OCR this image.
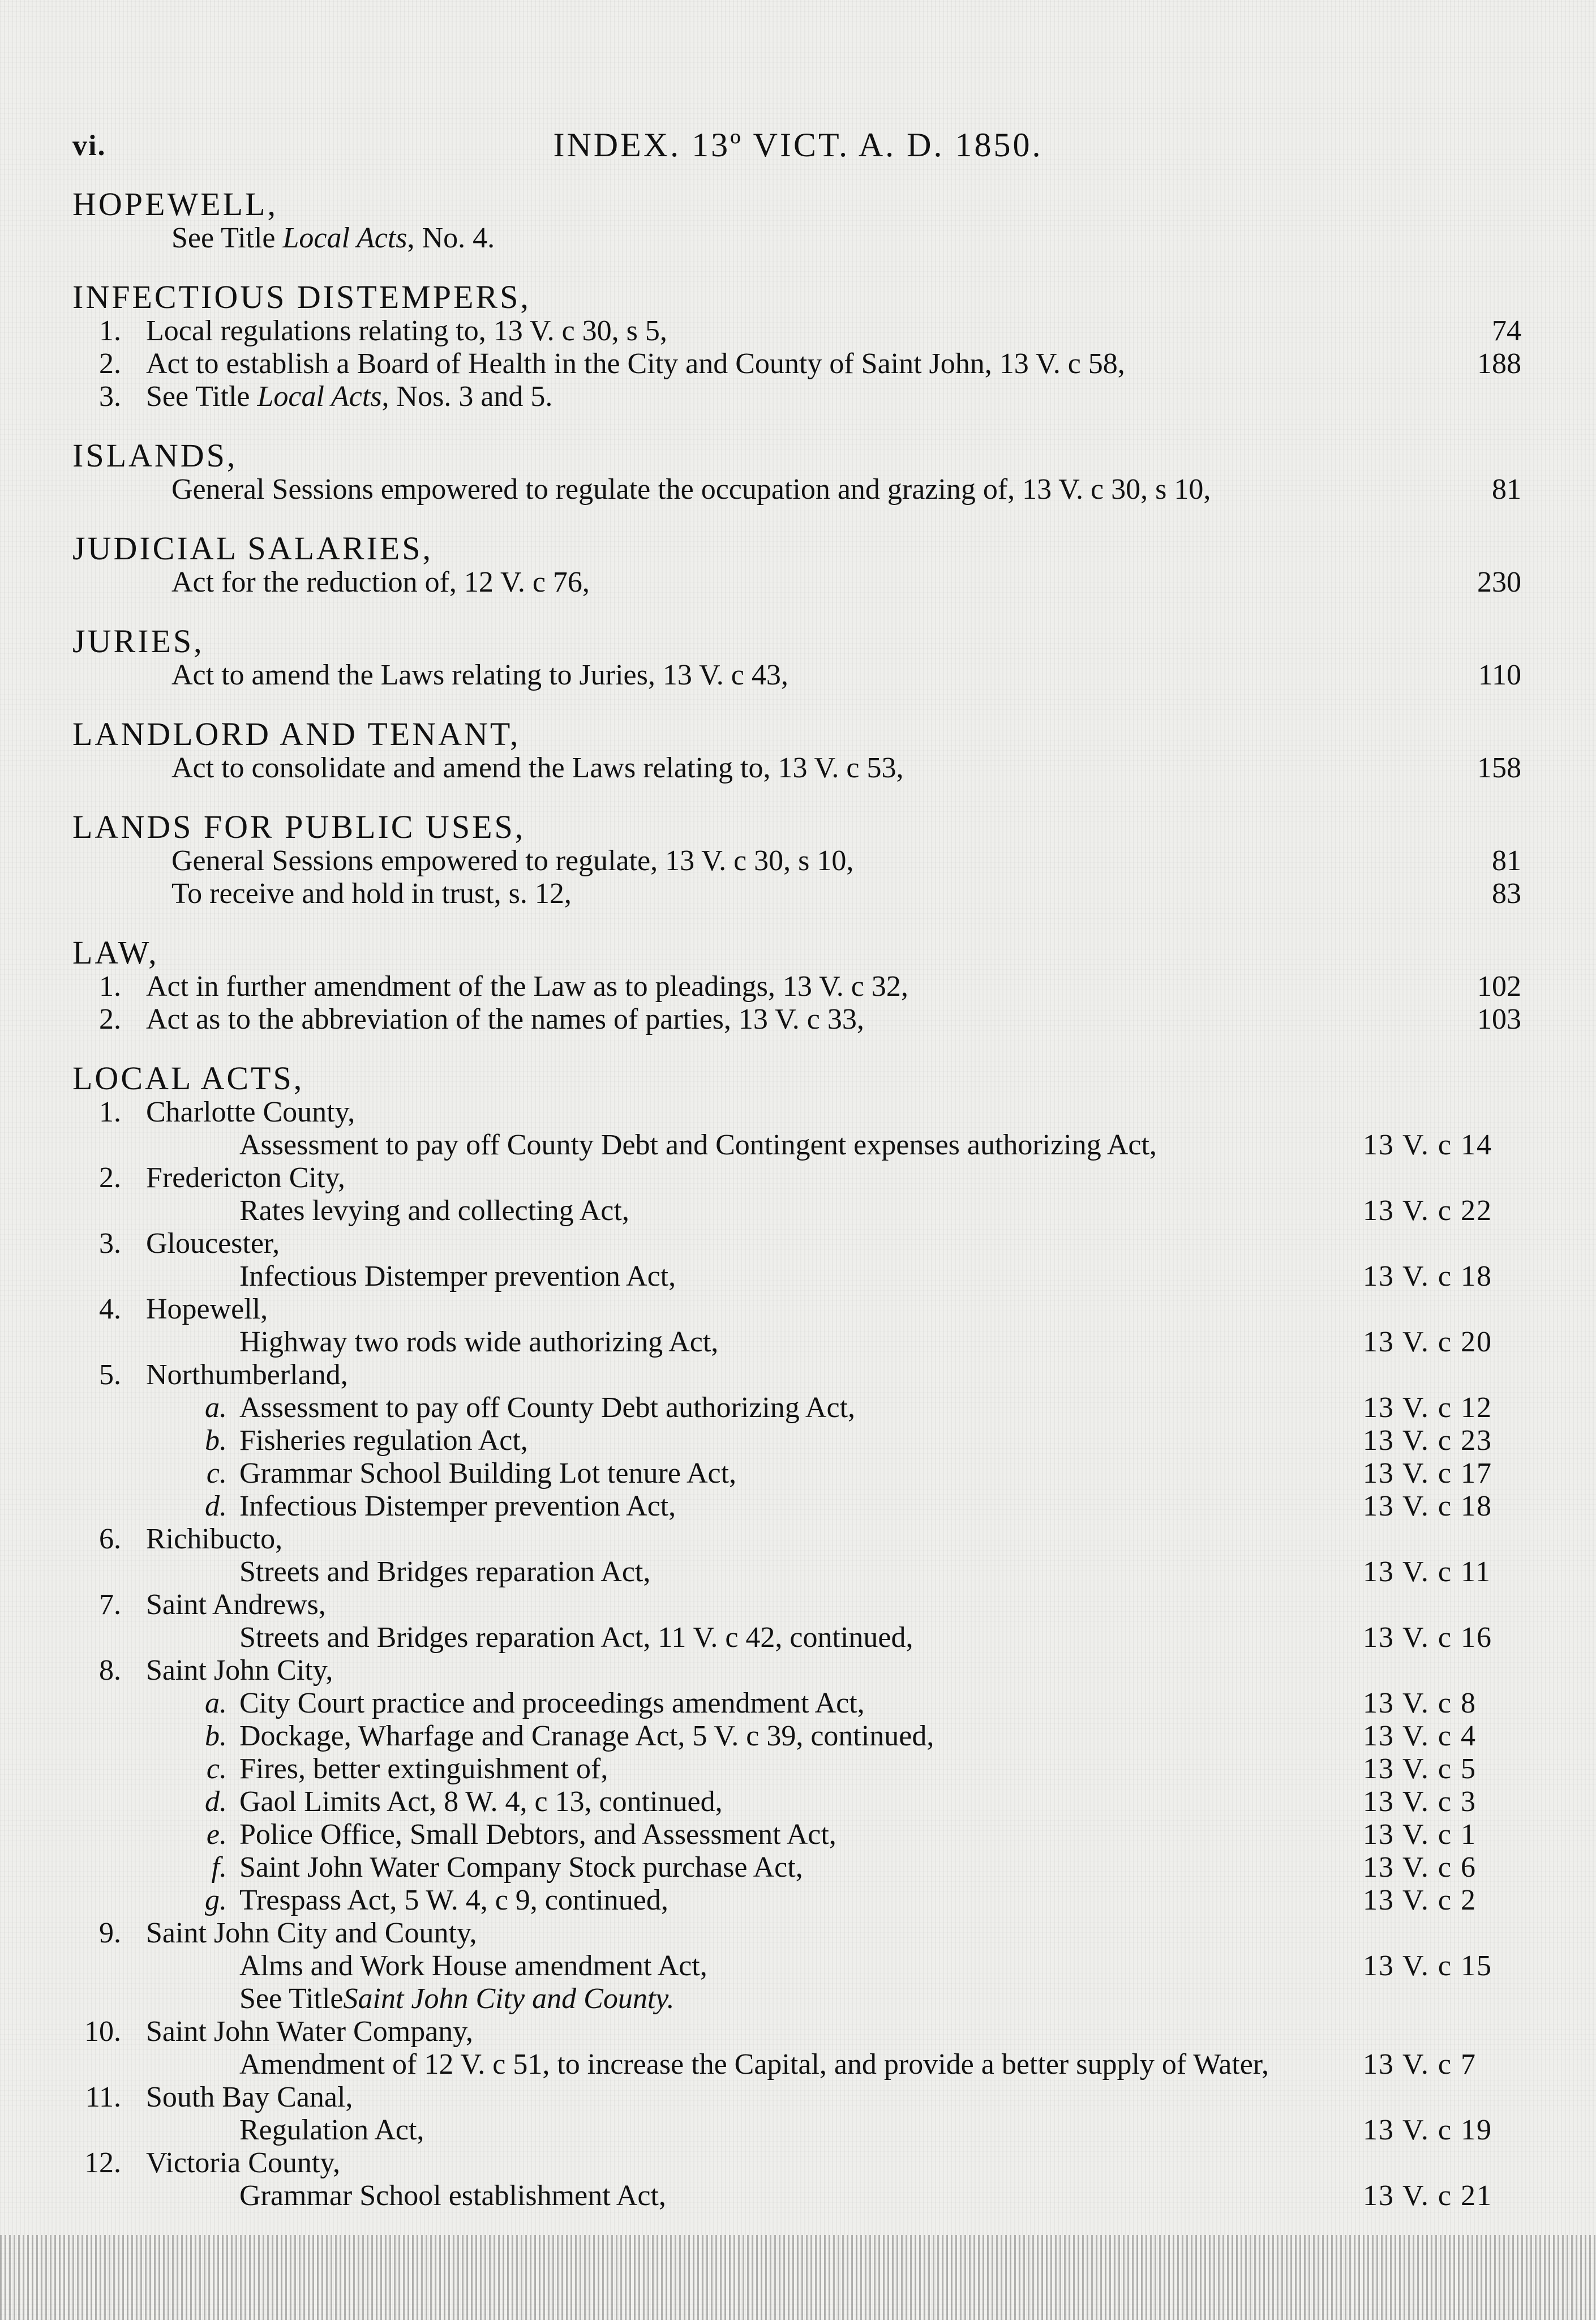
vi.	INDEX. 13º VICT. A. D. 1850.
HOPEWELL,
See Title Local Acts, No. 4.
INFECTIOUS DISTEMPERS,
1. Local regulations relating to, 13 V. c 30, s 5,	74
2. Act to establish a Board of Health in the City and County of Saint John, 13 V. c 58,	188
3. See Title Local Acts, Nos. 3 and 5.
ISLANDS,
General Sessions empowered to regulate the occupation and grazing of, 13 V. c 30, s 10,	81
JUDICIAL SALARIES,
Act for the reduction of, 12 V. c 76,	230
JURIES,
Act to amend the Laws relating to Juries, 13 V. c 43,	110
LANDLORD AND TENANT,
Act to consolidate and amend the Laws relating to, 13 V. c 53,	158
LANDS FOR PUBLIC USES,
General Sessions empowered to regulate, 13 V. c 30, s 10,	81
To receive and hold in trust, s. 12,	83
LAW,
1. Act in further amendment of the Law as to pleadings, 13 V. c 32,	102
2. Act as to the abbreviation of the names of parties, 13 V. c 33,	103
LOCAL ACTS,
1. Charlotte County,
Assessment to pay off County Debt and Contingent expenses authorizing Act,	13 V. c 14
2. Fredericton City,
Rates levying and collecting Act,	13 V. c 22
3. Gloucester,
Infectious Distemper prevention Act,	13 V. c 18
4. Hopewell,
Highway two rods wide authorizing Act,	13 V. c 20
5. Northumberland,
a. Assessment to pay off County Debt authorizing Act,	13 V. c 12
b. Fisheries regulation Act,	13 V. c 23
c. Grammar School Building Lot tenure Act,	13 V. c 17
d. Infectious Distemper prevention Act,	13 V. c 18
6. Richibucto,
Streets and Bridges reparation Act,	13 V. c 11
7. Saint Andrews,
Streets and Bridges reparation Act, 11 V. c 42, continued,	13 V. c 16
8. Saint John City,
a. City Court practice and proceedings amendment Act,	13 V. c 8
b. Dockage, Wharfage and Cranage Act, 5 V. c 39, continued,	13 V. c 4
c. Fires, better extinguishment of,	13 V. c 5
d. Gaol Limits Act, 8 W. 4, c 13, continued,	13 V. c 3
e. Police Office, Small Debtors, and Assessment Act,	13 V. c 1
f. Saint John Water Company Stock purchase Act,	13 V. c 6
g. Trespass Act, 5 W. 4, c 9, continued,	13 V. c 2
9. Saint John City and County,
Alms and Work House amendment Act,	13 V. c 15
See Title Saint John City and County.
10. Saint John Water Company,
Amendment of 12 V. c 51, to increase the Capital, and provide a better supply of Water,	13 V. c 7
11. South Bay Canal,
Regulation Act,	13 V. c 19
12. Victoria County,
Grammar School establishment Act,	13 V. c 21
